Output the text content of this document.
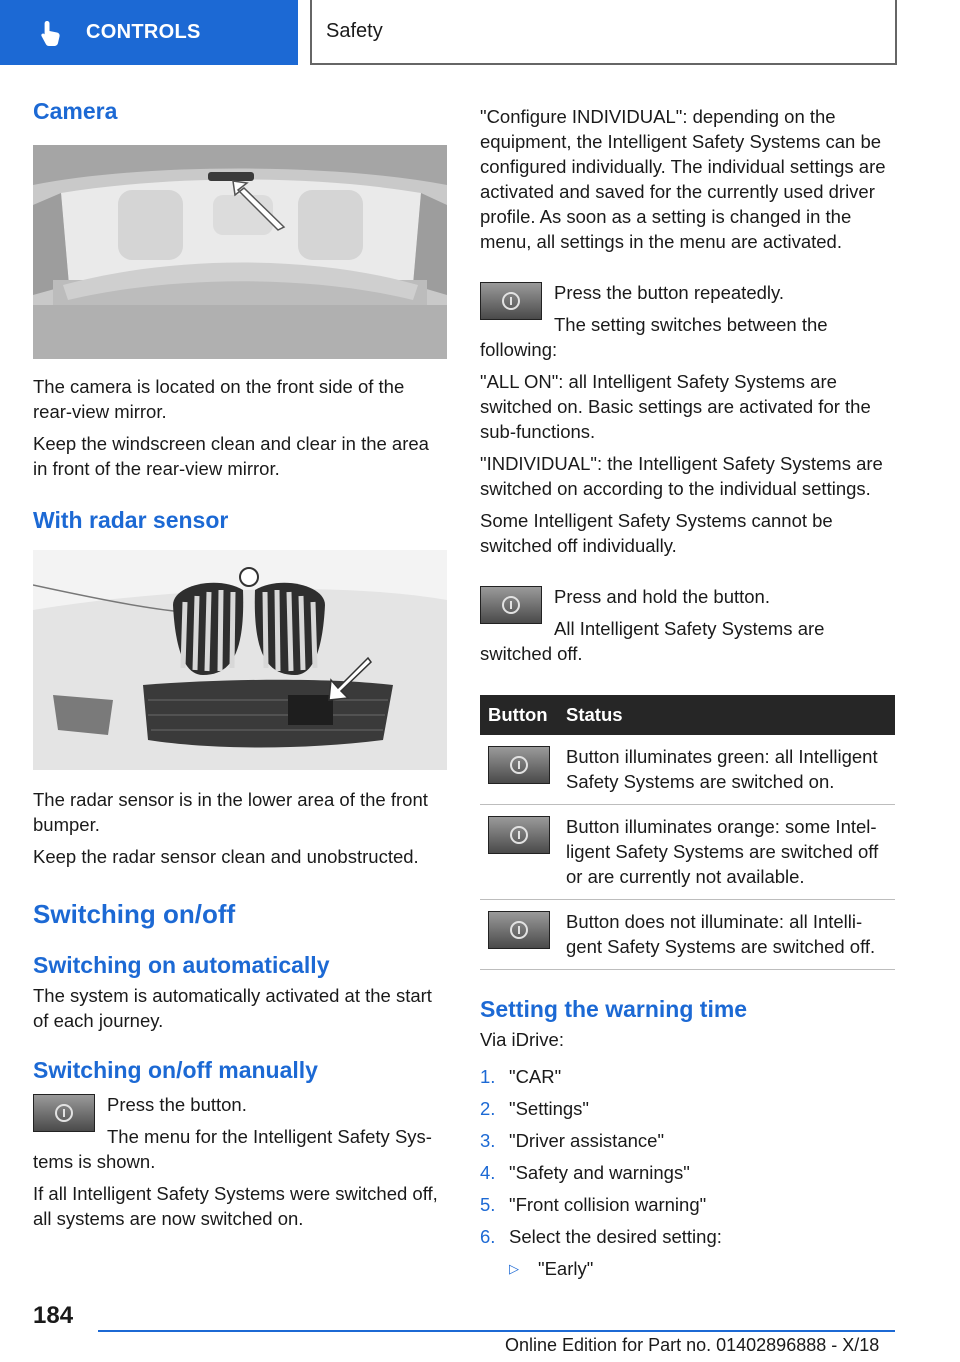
CONTROLS	Safety
Camera

The camera is located on the front side of the rear-view mirror.

Keep the windscreen clean and clear in the area in front of the rear-view mirror.

With radar sensor

The radar sensor is in the lower area of the front bumper.

Keep the radar sensor clean and unobstructed.

Switching on/off
Switching on automatically

The system is automatically activated at the start of each journey.

Switching on/off manually

Press the button.

The menu for the Intelligent Safety Sys-tems is shown.

If all Intelligent Safety Systems were switched off, all systems are now switched on.

"Configure INDIVIDUAL": depending on the equipment, the Intelligent Safety Systems can be configured individually. The individual settings are activated and saved for the currently used driver profile. As soon as a setting is changed in the menu, all settings in the menu are activated.

Press the button repeatedly.

The setting switches between the following:

"ALL ON": all Intelligent Safety Systems are switched on. Basic settings are activated for the sub-functions.

"INDIVIDUAL": the Intelligent Safety Systems are switched on according to the individual settings.

Some Intelligent Safety Systems cannot be switched off individually.

Press and hold the button.

All Intelligent Safety Systems are switched off.

Button Status
Button illuminates green: all Intelligent Safety Systems are switched on.
Button illuminates orange: some Intel-ligent Safety Systems are switched off or are currently not available.
Button does not illuminate: all Intelli-gent Safety Systems are switched off.
Setting the warning time

Via iDrive:

1. "CAR"
2. "Settings"
3. "Driver assistance"
4. "Safety and warnings"
5. "Front collision warning"
6. Select the desired setting:
▷	"Early"
184
Online Edition for Part no. 01402896888 - X/18
